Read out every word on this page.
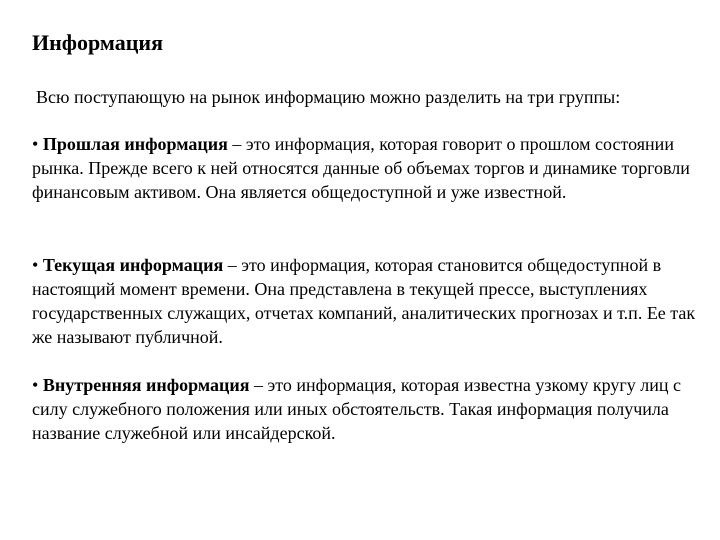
Информация
Всю поступающую на рынок информацию можно разделить на три группы:
• Прошлая информация – это информация, которая говорит о прошлом состоянии рынка. Прежде всего к ней относятся данные об объемах торгов и динамике торговли финансовым активом. Она является общедоступной и уже известной.
• Текущая информация – это информация, которая становится общедоступной в настоящий момент времени. Она представлена в текущей прессе, выступлениях государственных служащих, отчетах компаний, аналитических прогнозах и т.п. Ее так же называют публичной.
• Внутренняя информация – это информация, которая известна узкому кругу лиц с силу служебного положения или иных обстоятельств. Такая информация получила название служебной или инсайдерской.
